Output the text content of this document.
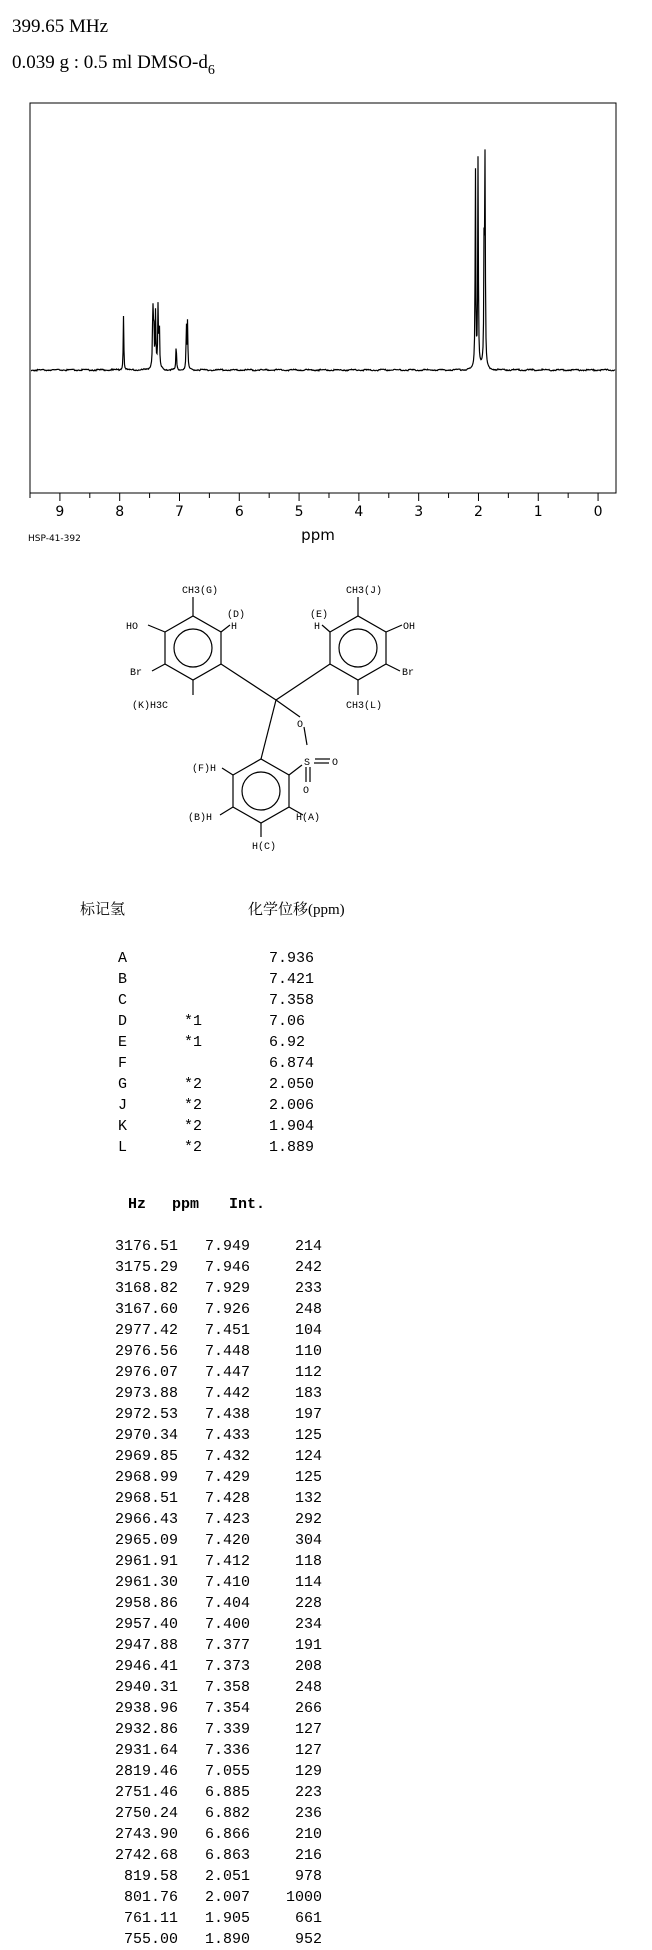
399.65 MHz
0.039 g : 0.5 ml DMSO-$d_6$
9	8	7	6	5	4	3	2	1	0
ppm
HSP-41-392
CH3(G)	CH3(J)
(D)
H
(E)
H
HO	OH
Br	Br
(K)H3C	CH3(L)
O
S O
O
(F)H
(B)H	H(A)
H(C)
标记氢	化学位移(ppm)
A	7.936
B	7.421
C	7.358
D	*1	7.06
E	*1	6.92
F	6.874
G	*2	2.050
J	*2	2.006
K	*2	1.904
L	*2	1.889
Hz ppm Int.
3176.51 7.949	214
3175.29 7.946	242
3168.82 7.929	233
3167.60 7.926	248
2977.42 7.451	104
2976.56 7.448	110
2976.07 7.447	112
2973.88 7.442	183
2972.53 7.438	197
2970.34 7.433	125
2969.85 7.432	124
2968.99 7.429	125
2968.51 7.428	132
2966.43 7.423	292
2965.09 7.420	304
2961.91 7.412	118
2961.30 7.410	114
2958.86 7.404	228
2957.40 7.400	234
2947.88 7.377	191
2946.41 7.373	208
2940.31 7.358	248
2938.96 7.354	266
2932.86 7.339	127
2931.64 7.336	127
2819.46 7.055	129
2751.46 6.885	223
2750.24 6.882	236
2743.90 6.866	210
2742.68 6.863	216
819.58 2.051	978
801.76 2.007 1000
761.11 1.905	661
755.00 1.890	952
